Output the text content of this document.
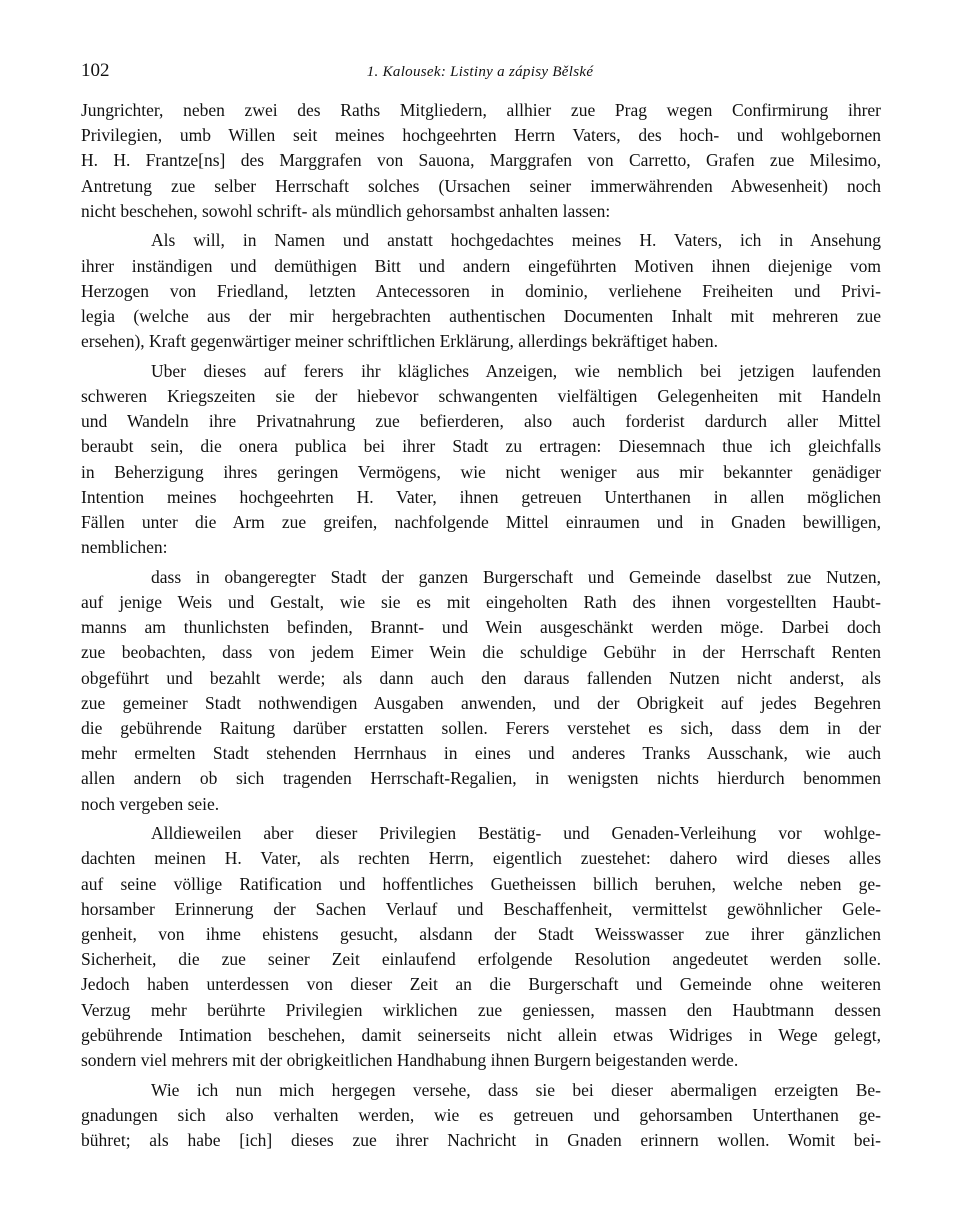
102	1. Kalousek: Listiny a zápisy Bělské
Jungrichter, neben zwei des Raths Mitgliedern, allhier zue Prag wegen Confirmirung ihrer
Privilegien, umb Willen seit meines hochgeehrten Herrn Vaters, des hoch- und wohlgebornen
H. H. Frantze[ns] des Marggrafen von Sauona, Marggrafen von Carretto, Grafen zue Milesimo,
Antretung zue selber Herrschaft solches (Ursachen seiner immerwährenden Abwesenheit) noch
nicht beschehen, sowohl schrift- als mündlich gehorsambst anhalten lassen:
Als will, in Namen und anstatt hochgedachtes meines H. Vaters, ich in Ansehung
ihrer inständigen und demüthigen Bitt und andern eingeführten Motiven ihnen diejenige vom
Herzogen von Friedland, letzten Antecessoren in dominio, verliehene Freiheiten und Privi-
legia (welche aus der mir hergebrachten authentischen Documenten Inhalt mit mehreren zue
ersehen), Kraft gegenwärtiger meiner schriftlichen Erklärung, allerdings bekräftiget haben.
Uber dieses auf ferers ihr klägliches Anzeigen, wie nemblich bei jetzigen laufenden
schweren Kriegszeiten sie der hiebevor schwangenten vielfältigen Gelegenheiten mit Handeln
und Wandeln ihre Privatnahrung zue befierderen, also auch forderist dardurch aller Mittel
beraubt sein, die onera publica bei ihrer Stadt zu ertragen: Diesemnach thue ich gleichfalls
in Beherzigung ihres geringen Vermögens, wie nicht weniger aus mir bekannter genädiger
Intention meines hochgeehrten H. Vater, ihnen getreuen Unterthanen in allen möglichen
Fällen unter die Arm zue greifen, nachfolgende Mittel einraumen und in Gnaden bewilligen,
nemblichen:
dass in obangeregter Stadt der ganzen Burgerschaft und Gemeinde daselbst zue Nutzen,
auf jenige Weis und Gestalt, wie sie es mit eingeholten Rath des ihnen vorgestellten Haubt-
manns am thunlichsten befinden, Brannt- und Wein ausgeschänkt werden möge. Darbei doch
zue beobachten, dass von jedem Eimer Wein die schuldige Gebühr in der Herrschaft Renten
obgeführt und bezahlt werde; als dann auch den daraus fallenden Nutzen nicht anderst, als
zue gemeiner Stadt nothwendigen Ausgaben anwenden, und der Obrigkeit auf jedes Begehren
die gebührende Raitung darüber erstatten sollen. Ferers verstehet es sich, dass dem in der
mehr ermelten Stadt stehenden Herrnhaus in eines und anderes Tranks Ausschank, wie auch
allen andern ob sich tragenden Herrschaft-Regalien, in wenigsten nichts hierdurch benommen
noch vergeben seie.
Alldieweilen aber dieser Privilegien Bestätig- und Genaden-Verleihung vor wohlge-
dachten meinen H. Vater, als rechten Herrn, eigentlich zuestehet: dahero wird dieses alles
auf seine völlige Ratification und hoffentliches Guetheissen billich beruhen, welche neben ge-
horsamber Erinnerung der Sachen Verlauf und Beschaffenheit, vermittelst gewöhnlicher Gele-
genheit, von ihme ehistens gesucht, alsdann der Stadt Weisswasser zue ihrer gänzlichen
Sicherheit, die zue seiner Zeit einlaufend erfolgende Resolution angedeutet werden solle.
Jedoch haben unterdessen von dieser Zeit an die Burgerschaft und Gemeinde ohne weiteren
Verzug mehr berührte Privilegien wirklichen zue geniessen, massen den Haubtmann dessen
gebührende Intimation beschehen, damit seinerseits nicht allein etwas Widriges in Wege gelegt,
sondern viel mehrers mit der obrigkeitlichen Handhabung ihnen Burgern beigestanden werde.
Wie ich nun mich hergegen versehe, dass sie bei dieser abermaligen erzeigten Be-
gnadungen sich also verhalten werden, wie es getreuen und gehorsamben Unterthanen ge-
bühret; als habe [ich] dieses zue ihrer Nachricht in Gnaden erinnern wollen. Womit bei-
